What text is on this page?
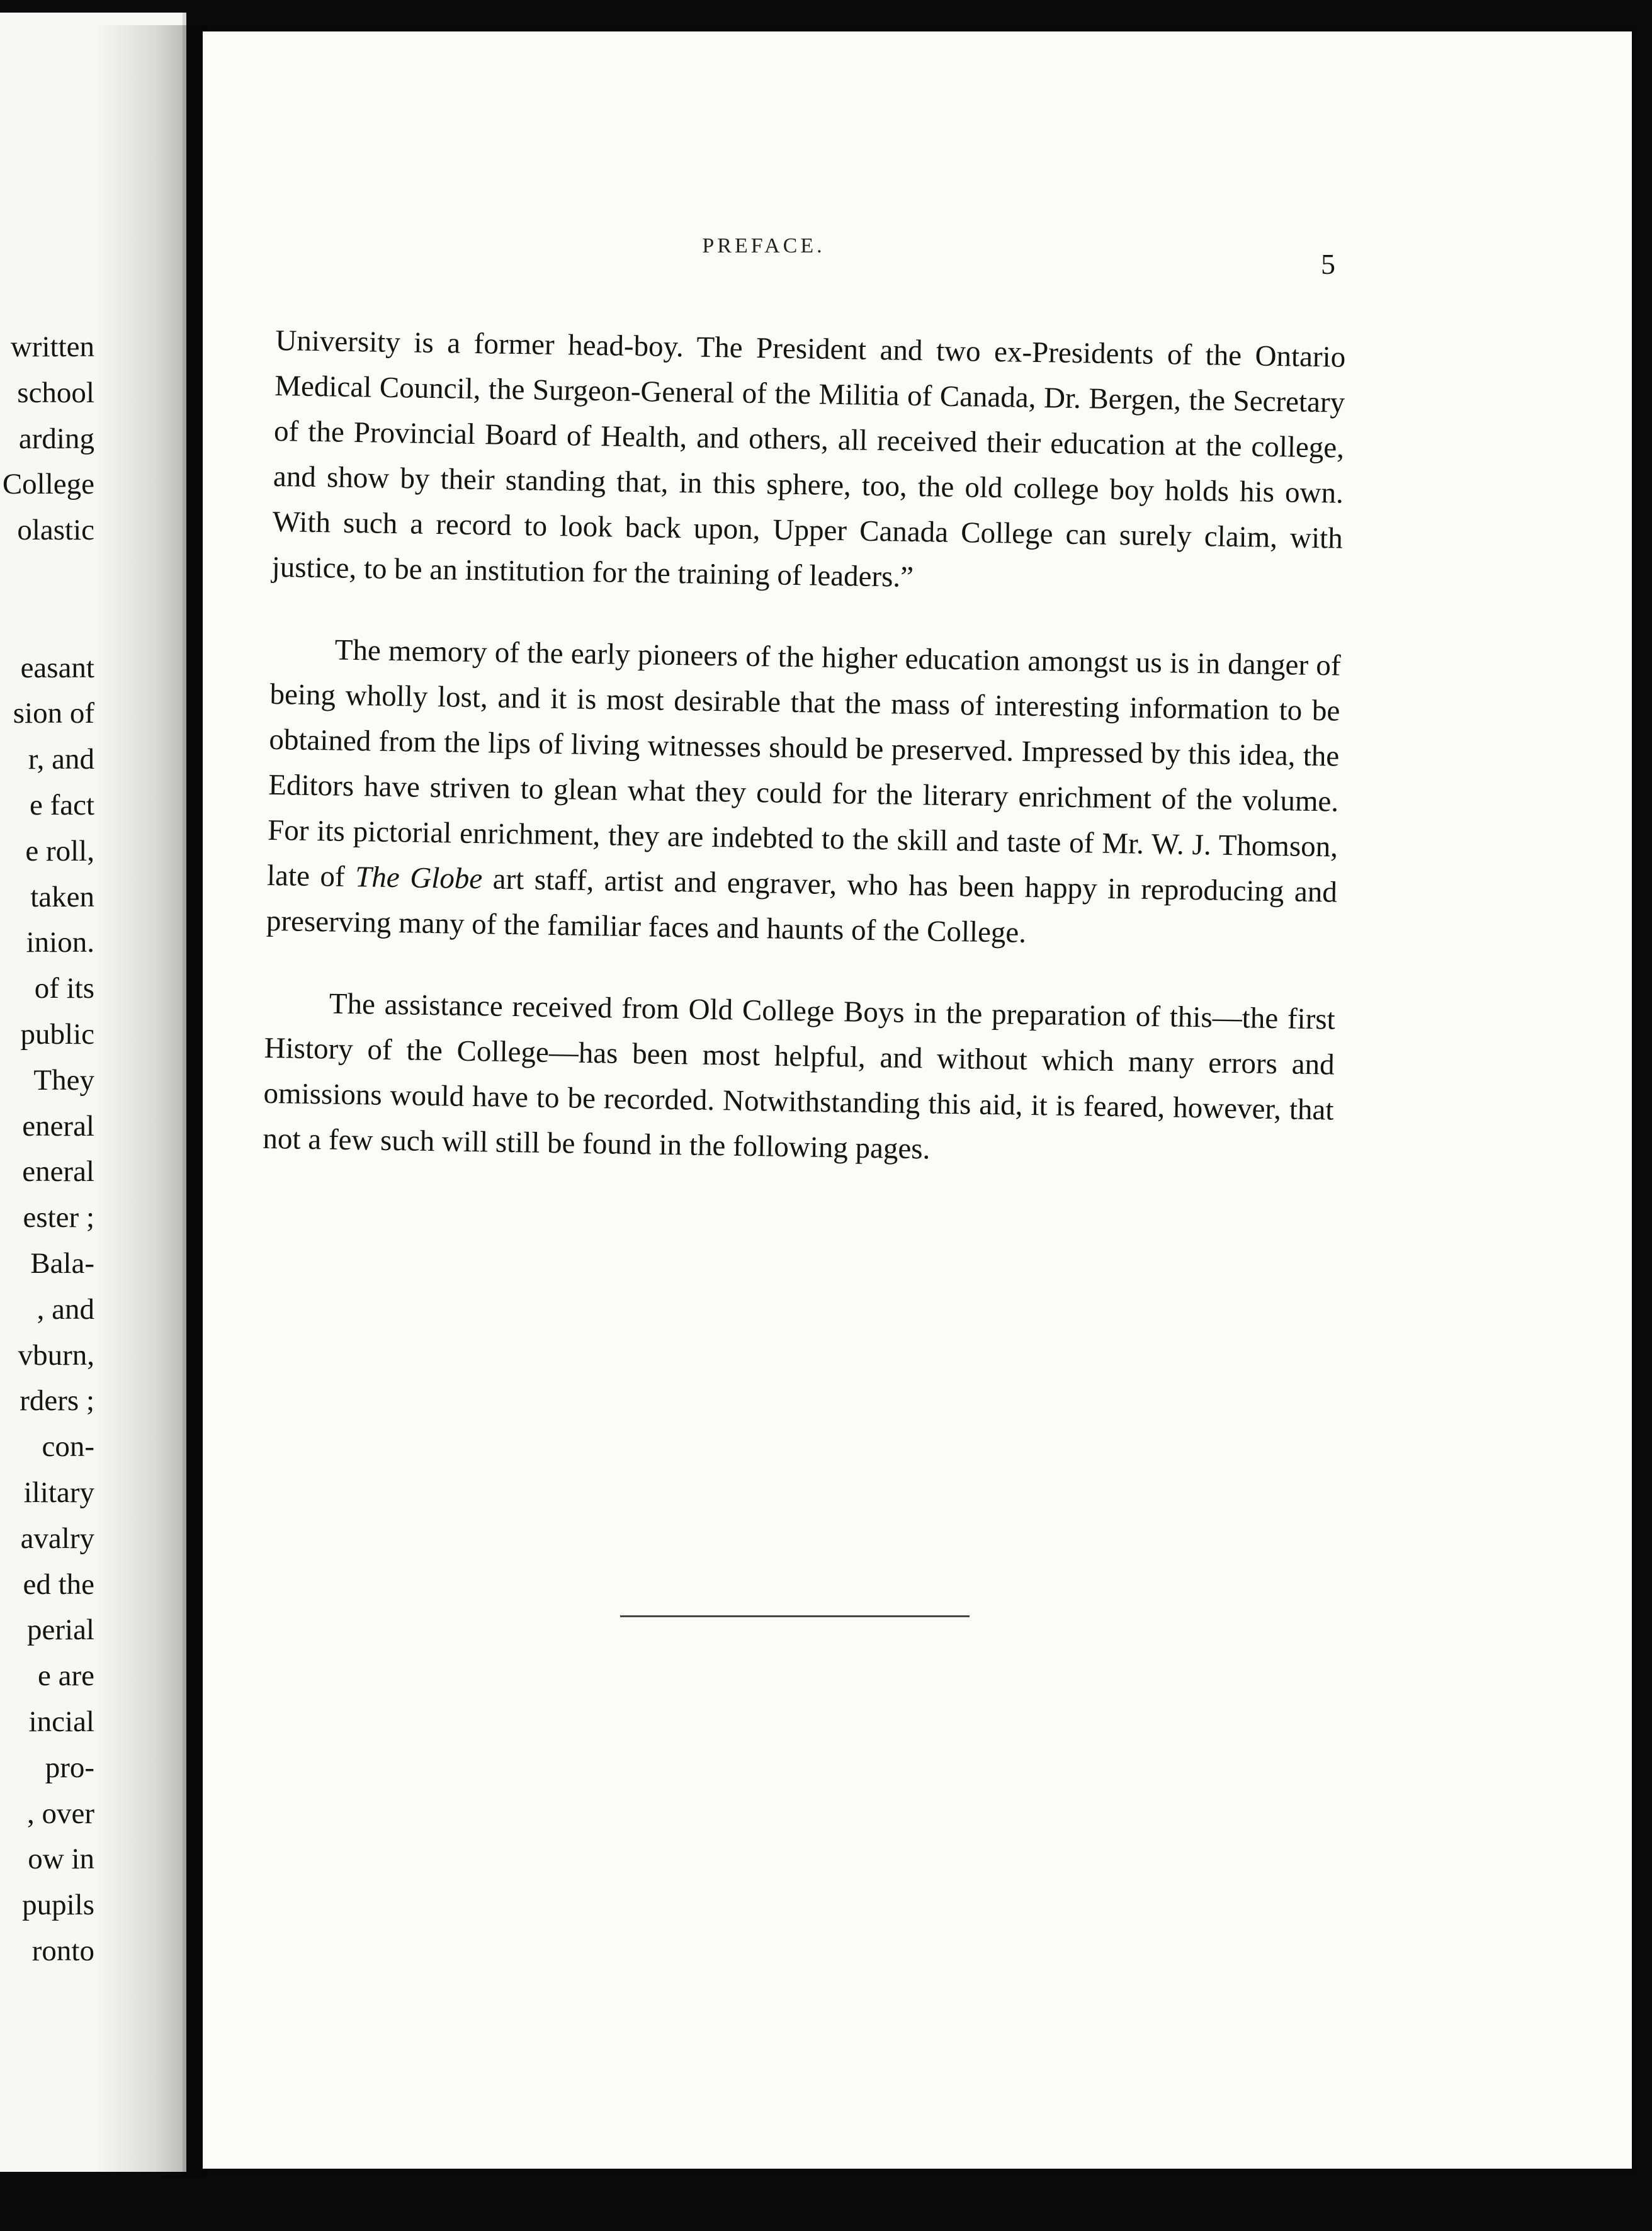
written
school
arding
College
olastic
easant
sion of
r, and
e fact
e roll,
taken
inion.
of its
public
They
eneral
eneral
ester ;
Bala-
, and
vburn,
rders ;
con-
ilitary
avalry
ed the
perial
e are
incial
pro-
, over
ow in
pupils
ronto
PREFACE.
5

University is a former head-boy. The President and two ex-Presidents of the Ontario Medical Council, the Surgeon-General of the Militia of Canada, Dr. Bergen, the Secretary of the Provincial Board of Health, and others, all received their education at the college, and show by their standing that, in this sphere, too, the old college boy holds his own. With such a record to look back upon, Upper Canada College can surely claim, with justice, to be an institution for the training of leaders.”

The memory of the early pioneers of the higher education amongst us is in danger of being wholly lost, and it is most desirable that the mass of interesting information to be obtained from the lips of living witnesses should be preserved. Impressed by this idea, the Editors have striven to glean what they could for the literary enrichment of the volume. For its pictorial enrichment, they are indebted to the skill and taste of Mr. W. J. Thomson, late of The Globe art staff, artist and engraver, who has been happy in reproducing and preserving many of the familiar faces and haunts of the College.

The assistance received from Old College Boys in the preparation of this—the first History of the College—has been most helpful, and without which many errors and omissions would have to be recorded. Notwithstanding this aid, it is feared, however, that not a few such will still be found in the following pages.
